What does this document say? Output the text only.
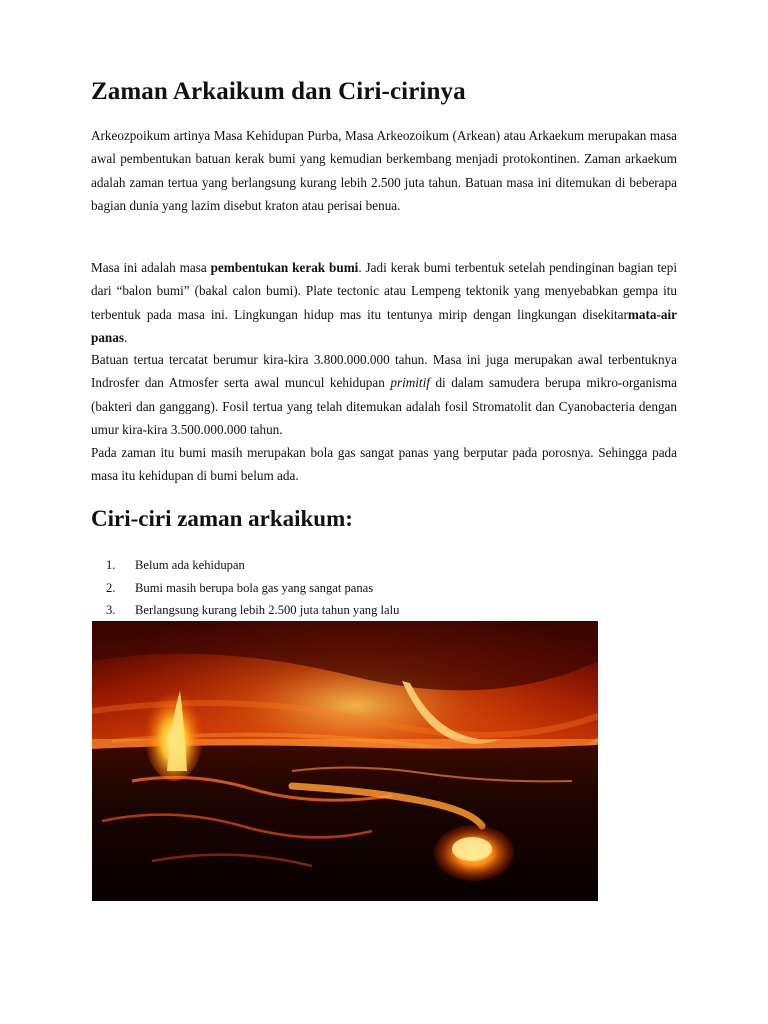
Zaman Arkaikum dan Ciri-cirinya

Arkeozpoikum artinya Masa Kehidupan Purba, Masa Arkeozoikum (Arkean) atau Arkaekum merupakan masa awal pembentukan batuan kerak bumi yang kemudian berkembang menjadi protokontinen. Zaman arkaekum adalah zaman tertua yang berlangsung kurang lebih 2.500 juta tahun. Batuan masa ini ditemukan di beberapa bagian dunia yang lazim disebut kraton atau perisai benua.

Masa ini adalah masa pembentukan kerak bumi. Jadi kerak bumi terbentuk setelah pendinginan bagian tepi dari “balon bumi” (bakal calon bumi). Plate tectonic atau Lempeng tektonik yang menyebabkan gempa itu terbentuk pada masa ini. Lingkungan hidup mas itu tentunya mirip dengan lingkungan disekitarmata-air panas.

Batuan tertua tercatat berumur kira-kira 3.800.000.000 tahun. Masa ini juga merupakan awal terbentuknya Indrosfer dan Atmosfer serta awal muncul kehidupan primitif di dalam samudera berupa mikro-organisma (bakteri dan ganggang). Fosil tertua yang telah ditemukan adalah fosil Stromatolit dan Cyanobacteria dengan umur kira-kira 3.500.000.000 tahun.

Pada zaman itu bumi masih merupakan bola gas sangat panas yang berputar pada porosnya. Sehingga pada masa itu kehidupan di bumi belum ada.

Ciri-ciri zaman arkaikum:
1.	Belum ada kehidupan
2.	Bumi masih berupa bola gas yang sangat panas
3.	Berlangsung kurang lebih 2.500 juta tahun yang lalu
